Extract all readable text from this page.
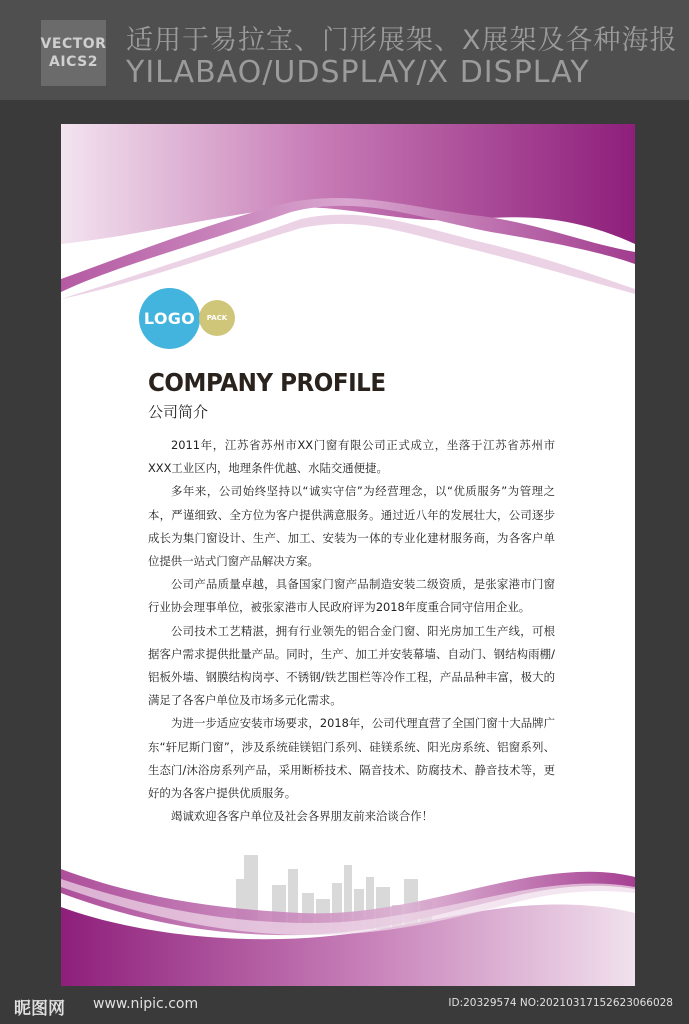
VECTOR
AICS2
适用于易拉宝、门形展架、X展架及各种海报
YILABAO/UDSPLAY/X DISPLAY
LOGO PACK
COMPANY PROFILE
公司简介

2011年，江苏省苏州市XX门窗有限公司正式成立，坐落于江苏省苏州市XXX工业区内，地理条件优越、水陆交通便捷。

多年来，公司始终坚持以“诚实守信”为经营理念，以“优质服务”为管理之本，严谨细致、全方位为客户提供满意服务。通过近八年的发展壮大，公司逐步成长为集门窗设计、生产、加工、安装为一体的专业化建材服务商，为各客户单位提供一站式门窗产品解决方案。

公司产品质量卓越，具备国家门窗产品制造安装二级资质，是张家港市门窗行业协会理事单位，被张家港市人民政府评为2018年度重合同守信用企业。

公司技术工艺精湛，拥有行业领先的铝合金门窗、阳光房加工生产线，可根据客户需求提供批量产品。同时，生产、加工并安装幕墙、自动门、钢结构雨棚/铝板外墙、钢膜结构岗亭、不锈钢/铁艺围栏等冷作工程，产品品种丰富，极大的满足了各客户单位及市场多元化需求。

为进一步适应安装市场要求，2018年，公司代理直营了全国门窗十大品牌广东“轩尼斯门窗”，涉及系统硅镁铝门系列、硅镁系统、阳光房系统、铝窗系列、生态门/沐浴房系列产品，采用断桥技术、隔音技术、防腐技术、静音技术等，更好的为各客户提供优质服务。

竭诚欢迎各客户单位及社会各界朋友前来洽谈合作！

昵图网 www.nipic.com	ID:20329574 NO:20210317152623066028
